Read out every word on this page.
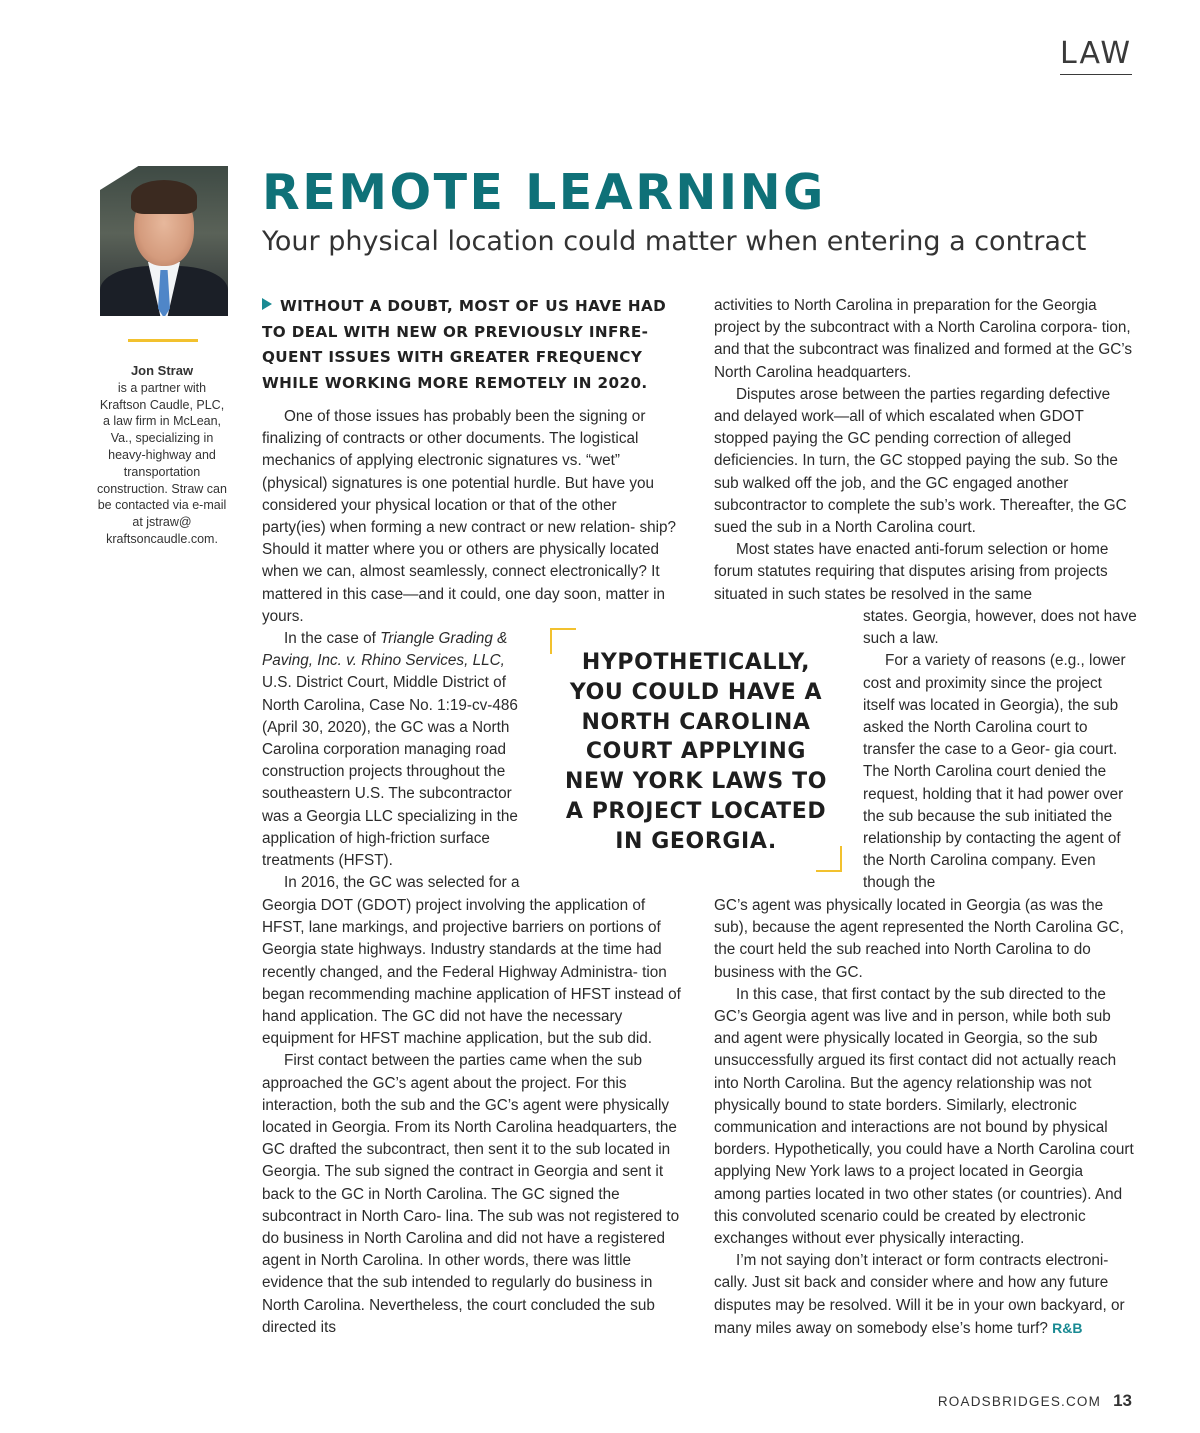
LAW
Jon Straw
is a partner with Kraftson Caudle, PLC, a law firm in McLean, Va., specializing in heavy-highway and transportation construction. Straw can be contacted via e-mail at jstraw@ kraftsoncaudle.com.
REMOTE LEARNING
Your physical location could matter when entering a contract
WITHOUT A DOUBT, MOST OF US HAVE HAD TO DEAL WITH NEW OR PREVIOUSLY INFRE- QUENT ISSUES WITH GREATER FREQUENCY WHILE WORKING MORE REMOTELY IN 2020.

One of those issues has probably been the signing or finalizing of contracts or other documents. The logistical mechanics of applying electronic signatures vs. “wet” (physical) signatures is one potential hurdle. But have you considered your physical location or that of the other party(ies) when forming a new contract or new relation- ship? Should it matter where you or others are physically located when we can, almost seamlessly, connect electronically? It mattered in this case—and it could, one day soon, matter in yours.

In the case of Triangle Grading & Paving, Inc. v. Rhino Services, LLC, U.S. District Court, Middle District of North Carolina, Case No. 1:19-cv-486 (April 30, 2020), the GC was a North Carolina corporation managing road construction projects throughout the southeastern U.S. The subcontractor was a Georgia LLC specializing in the application of high-friction surface treatments (HFST).

In 2016, the GC was selected for a

Georgia DOT (GDOT) project involving the application of HFST, lane markings, and projective barriers on portions of Georgia state highways. Industry standards at the time had recently changed, and the Federal Highway Administra- tion began recommending machine application of HFST instead of hand application. The GC did not have the necessary equipment for HFST machine application, but the sub did.

First contact between the parties came when the sub approached the GC’s agent about the project. For this interaction, both the sub and the GC’s agent were physically located in Georgia. From its North Carolina headquarters, the GC drafted the subcontract, then sent it to the sub located in Georgia. The sub signed the contract in Georgia and sent it back to the GC in North Carolina. The GC signed the subcontract in North Caro- lina. The sub was not registered to do business in North Carolina and did not have a registered agent in North Carolina. In other words, there was little evidence that the sub intended to regularly do business in North Carolina. Nevertheless, the court concluded the sub directed its

HYPOTHETICALLY, YOU COULD HAVE A NORTH CAROLINA COURT APPLYING NEW YORK LAWS TO A PROJECT LOCATED IN GEORGIA.

activities to North Carolina in preparation for the Georgia project by the subcontract with a North Carolina corpora- tion, and that the subcontract was finalized and formed at the GC’s North Carolina headquarters.

Disputes arose between the parties regarding defective and delayed work—all of which escalated when GDOT stopped paying the GC pending correction of alleged deficiencies. In turn, the GC stopped paying the sub. So the sub walked off the job, and the GC engaged another subcontractor to complete the sub’s work. Thereafter, the GC sued the sub in a North Carolina court.

Most states have enacted anti-forum selection or home forum statutes requiring that disputes arising from projects situated in such states be resolved in the same

states. Georgia, however, does not have such a law.

For a variety of reasons (e.g., lower cost and proximity since the project itself was located in Georgia), the sub asked the North Carolina court to transfer the case to a Geor- gia court. The North Carolina court denied the request, holding that it had power over the sub because the sub initiated the relationship by contacting the agent of the North Carolina company. Even though the

GC’s agent was physically located in Georgia (as was the sub), because the agent represented the North Carolina GC, the court held the sub reached into North Carolina to do business with the GC.

In this case, that first contact by the sub directed to the GC’s Georgia agent was live and in person, while both sub and agent were physically located in Georgia, so the sub unsuccessfully argued its first contact did not actually reach into North Carolina. But the agency relationship was not physically bound to state borders. Similarly, electronic communication and interactions are not bound by physical borders. Hypothetically, you could have a North Carolina court applying New York laws to a project located in Georgia among parties located in two other states (or countries). And this convoluted scenario could be created by electronic exchanges without ever physically interacting.

I’m not saying don’t interact or form contracts electroni- cally. Just sit back and consider where and how any future disputes may be resolved. Will it be in your own backyard, or many miles away on somebody else’s home turf? R&B

ROADSBRIDGES.COM 13
